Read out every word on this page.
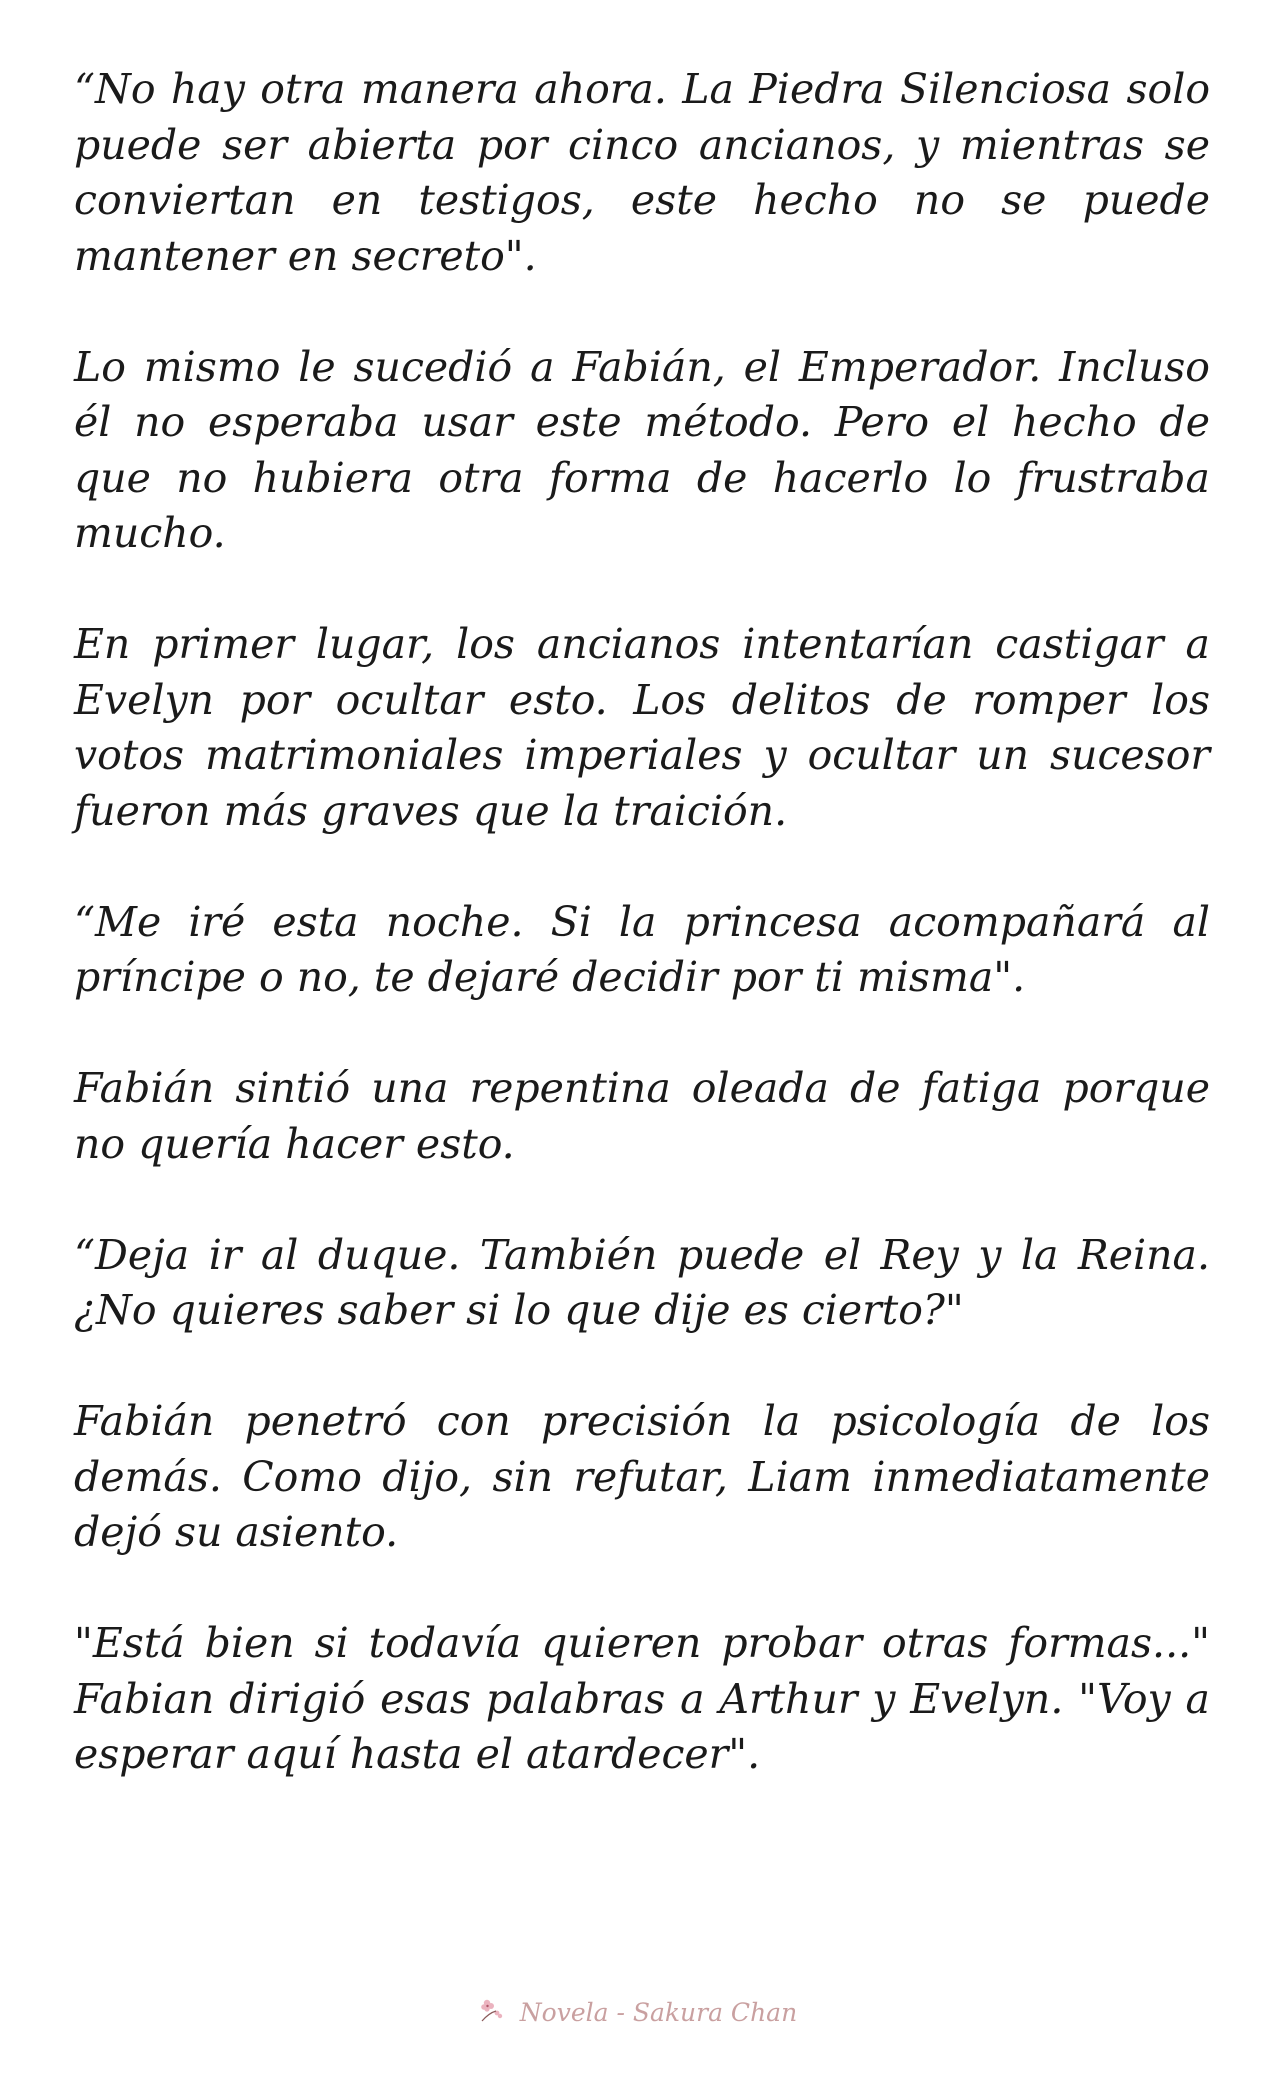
“No hay otra manera ahora. La Piedra Silenciosa solo puede ser abierta por cinco ancianos, y mientras se conviertan en testigos, este hecho no se puede mantener en secreto".

Lo mismo le sucedió a Fabián, el Emperador. Incluso él no esperaba usar este método. Pero el hecho de que no hubiera otra forma de hacerlo lo frustraba mucho.

En primer lugar, los ancianos intentarían castigar a Evelyn por ocultar esto. Los delitos de romper los votos matrimoniales imperiales y ocultar un sucesor fueron más graves que la traición.

“Me iré esta noche. Si la princesa acompañará al príncipe o no, te dejaré decidir por ti misma".

Fabián sintió una repentina oleada de fatiga porque no quería hacer esto.

“Deja ir al duque. También puede el Rey y la Reina. ¿No quieres saber si lo que dije es cierto?"

Fabián penetró con precisión la psicología de los demás. Como dijo, sin refutar, Liam inmediatamente dejó su asiento.

"Está bien si todavía quieren probar otras formas..." Fabian dirigió esas palabras a Arthur y Evelyn. "Voy a esperar aquí hasta el atardecer".

Novela - Sakura Chan
